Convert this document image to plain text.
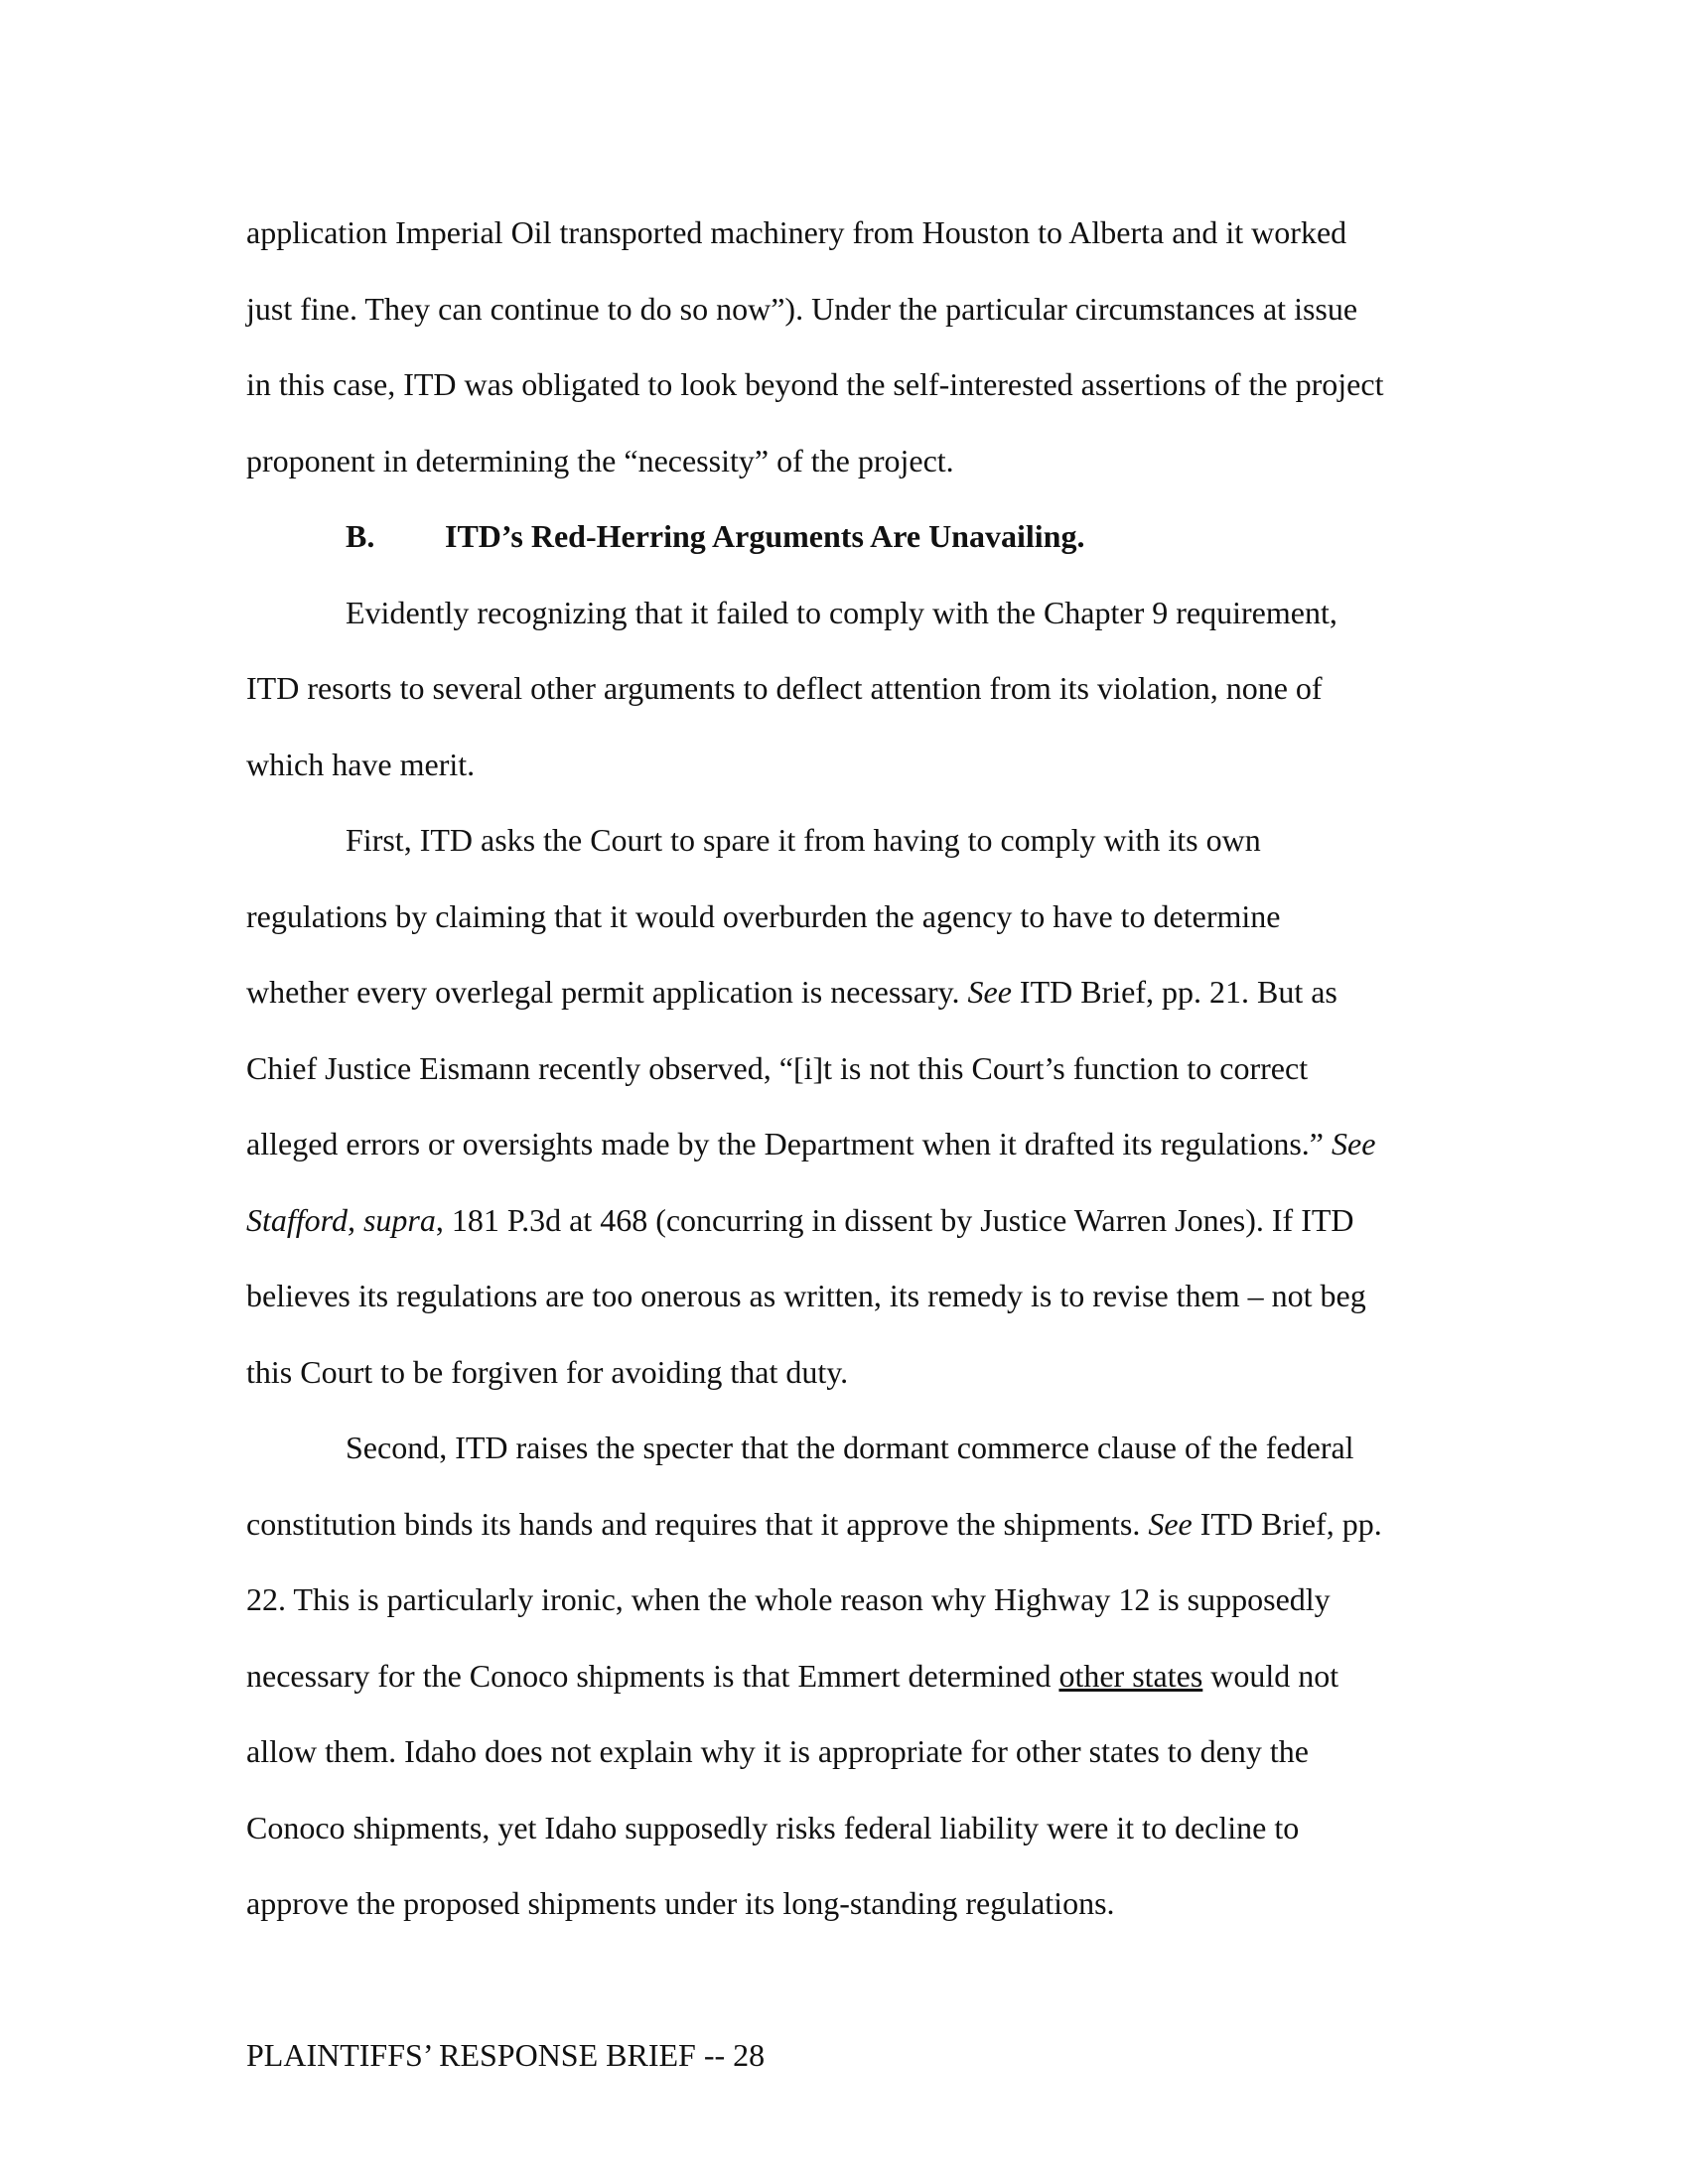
application Imperial Oil transported machinery from Houston to Alberta and it worked
just fine. They can continue to do so now”). Under the particular circumstances at issue
in this case, ITD was obligated to look beyond the self-interested assertions of the project
proponent in determining the “necessity” of the project.
B. ITD’s Red-Herring Arguments Are Unavailing.
Evidently recognizing that it failed to comply with the Chapter 9 requirement,
ITD resorts to several other arguments to deflect attention from its violation, none of
which have merit.
First, ITD asks the Court to spare it from having to comply with its own
regulations by claiming that it would overburden the agency to have to determine
whether every overlegal permit application is necessary. See ITD Brief, pp. 21. But as
Chief Justice Eismann recently observed, “[i]t is not this Court’s function to correct
alleged errors or oversights made by the Department when it drafted its regulations.” See
Stafford, supra, 181 P.3d at 468 (concurring in dissent by Justice Warren Jones). If ITD
believes its regulations are too onerous as written, its remedy is to revise them – not beg
this Court to be forgiven for avoiding that duty.
Second, ITD raises the specter that the dormant commerce clause of the federal
constitution binds its hands and requires that it approve the shipments. See ITD Brief, pp.
22. This is particularly ironic, when the whole reason why Highway 12 is supposedly
necessary for the Conoco shipments is that Emmert determined other states would not
allow them. Idaho does not explain why it is appropriate for other states to deny the
Conoco shipments, yet Idaho supposedly risks federal liability were it to decline to
approve the proposed shipments under its long-standing regulations.
PLAINTIFFS’ RESPONSE BRIEF -- 28
